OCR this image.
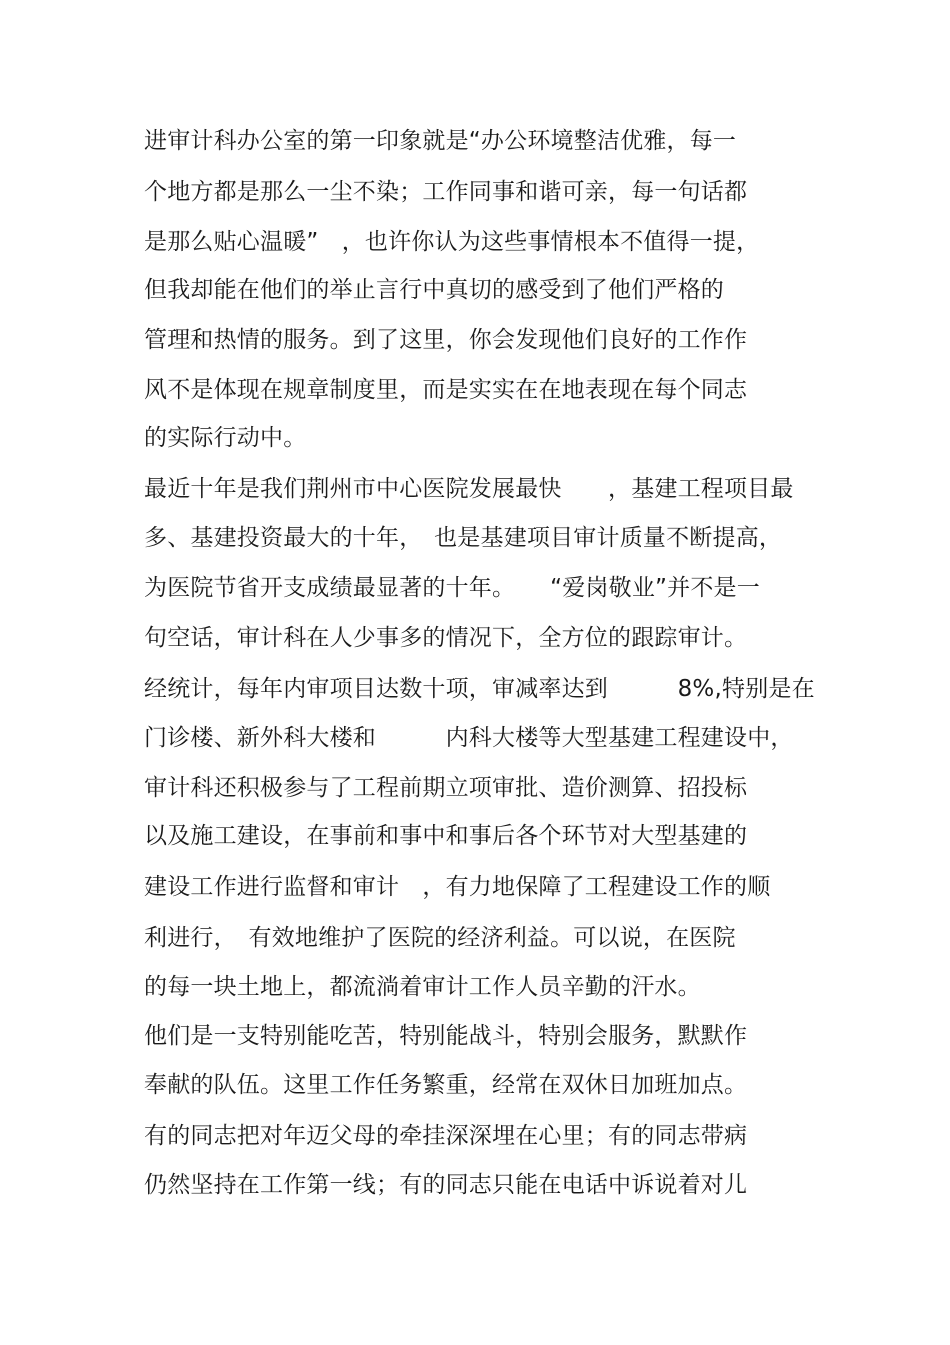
进审计科办公室的第一印象就是“办公环境整洁优雅，每一
个地方都是那么一尘不染；工作同事和谐可亲，每一句话都
是那么贴心温暖”　，也许你认为这些事情根本不值得一提，
但我却能在他们的举止言行中真切的感受到了他们严格的
管理和热情的服务。到了这里，你会发现他们良好的工作作
风不是体现在规章制度里，而是实实在在地表现在每个同志
的实际行动中。
最近十年是我们荆州市中心医院发展最快　　，基建工程项目最
多、基建投资最大的十年，　也是基建项目审计质量不断提高，
为医院节省开支成绩最显著的十年。　　“爱岗敬业”并不是一
句空话，审计科在人少事多的情况下，全方位的跟踪审计。
经统计，每年内审项目达数十项，审减率达到　　　8%,特别是在
门诊楼、新外科大楼和　　　内科大楼等大型基建工程建设中，
审计科还积极参与了工程前期立项审批、造价测算、招投标
以及施工建设，在事前和事中和事后各个环节对大型基建的
建设工作进行监督和审计　，有力地保障了工程建设工作的顺
利进行，　有效地维护了医院的经济利益。可以说，在医院
的每一块土地上，都流淌着审计工作人员辛勤的汗水。
他们是一支特别能吃苦，特别能战斗，特别会服务，默默作
奉献的队伍。这里工作任务繁重，经常在双休日加班加点。
有的同志把对年迈父母的牵挂深深埋在心里；有的同志带病
仍然坚持在工作第一线；有的同志只能在电话中诉说着对儿
